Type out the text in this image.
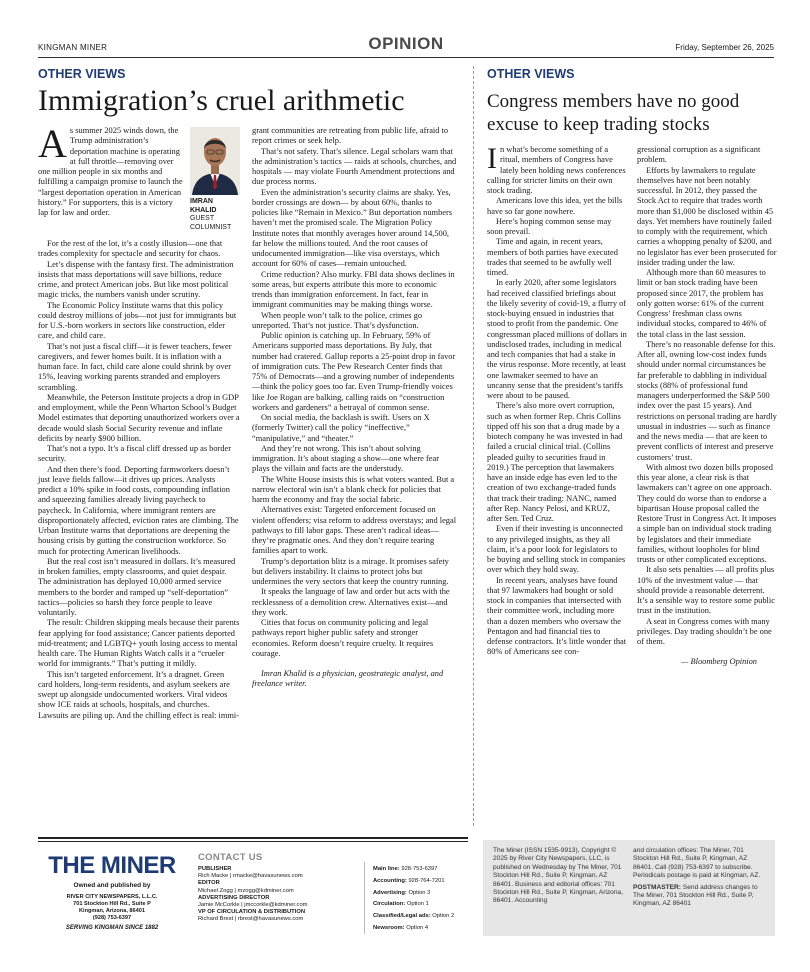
KINGMAN MINER	OPINION	Friday, September 26, 2025
OTHER VIEWS
Immigration’s cruel arithmetic
A s summer 2025 winds down, the Trump administration’s deportation machine is operating at full throttle—removing over one million people in six months and fulfilling a campaign promise to launch the “largest deportation operation in American history.” For supporters, this is a victory lap for law and order.

IMRAN KHALID
GUEST COLUMNIST

For the rest of the lot, it’s a costly illusion—one that trades complexity for spectacle and security for chaos.

Let’s dispense with the fantasy first. The administration insists that mass deportations will save billions, reduce crime, and protect American jobs. But like most political magic tricks, the numbers vanish under scrutiny.

The Economic Policy Institute warns that this policy could destroy millions of jobs—not just for immigrants but for U.S.-born workers in sectors like construction, elder care, and child care.

That’s not just a fiscal cliff—it is fewer teachers, fewer caregivers, and fewer homes built. It is inflation with a human face. In fact, child care alone could shrink by over 15%, leaving working parents stranded and employers scrambling.

Meanwhile, the Peterson Institute projects a drop in GDP and employment, while the Penn Wharton School’s Budget Model estimates that deporting unauthorized workers over a decade would slash Social Security revenue and inflate deficits by nearly $900 billion.

That’s not a typo. It’s a fiscal cliff dressed up as border security.

And then there’s food. Deporting farmworkers doesn’t just leave fields fallow—it drives up prices. Analysts predict a 10% spike in food costs, compounding inflation and squeezing families already living paycheck to paycheck. In California, where immigrant renters are disproportionately affected, eviction rates are climbing. The Urban Institute warns that deportations are deepening the housing crisis by gutting the construction workforce. So much for protecting American livelihoods.

But the real cost isn’t measured in dollars. It’s measured in broken families, empty classrooms, and quiet despair. The administration has deployed 10,000 armed service members to the border and ramped up “self-deportation” tactics—policies so harsh they force people to leave voluntarily.

The result: Children skipping meals because their parents fear applying for food assistance; Cancer patients deported mid-treatment; and LGBTQ+ youth losing access to mental health care. The Human Rights Watch calls it a “crueler world for immigrants.” That’s putting it mildly.

This isn’t targeted enforcement. It’s a dragnet. Green card holders, long-term residents, and asylum seekers are swept up alongside undocumented workers. Viral videos show ICE raids at schools, hospitals, and churches. Lawsuits are piling up. And the chilling effect is real: immi-

grant communities are retreating from public life, afraid to report crimes or seek help.

That’s not safety. That’s silence. Legal scholars warn that the administration’s tactics — raids at schools, churches, and hospitals — may violate Fourth Amendment protections and due process norms.

Even the administration’s security claims are shaky. Yes, border crossings are down— by about 60%, thanks to policies like “Remain in Mexico.” But deportation numbers haven’t met the promised scale. The Migration Policy Institute notes that monthly averages hover around 14,500, far below the millions touted. And the root causes of undocumented immigration—like visa overstays, which account for 60% of cases—remain untouched.

Crime reduction? Also murky. FBI data shows declines in some areas, but experts attribute this more to economic trends than immigration enforcement. In fact, fear in immigrant communities may be making things worse.

When people won’t talk to the police, crimes go unreported. That’s not justice. That’s dysfunction.

Public opinion is catching up. In February, 59% of Americans supported mass deportations. By July, that number had cratered. Gallup reports a 25-point drop in favor of immigration cuts. The Pew Research Center finds that 75% of Democrats—and a growing number of independents—think the policy goes too far. Even Trump-friendly voices like Joe Rogan are balking, calling raids on “construction workers and gardeners” a betrayal of common sense.

On social media, the backlash is swift. Users on X (formerly Twitter) call the policy “ineffective,” “manipulative,” and “theater.”

And they’re not wrong. This isn’t about solving immigration. It’s about staging a show—one where fear plays the villain and facts are the understudy.

The White House insists this is what voters wanted. But a narrow electoral win isn’t a blank check for policies that harm the economy and fray the social fabric.

Alternatives exist: Targeted enforcement focused on violent offenders; visa reform to address overstays; and legal pathways to fill labor gaps. These aren’t radical ideas—they’re pragmatic ones. And they don’t require tearing families apart to work.

Trump’s deportation blitz is a mirage. It promises safety but delivers instability. It claims to protect jobs but undermines the very sectors that keep the country running.

It speaks the language of law and order but acts with the recklessness of a demolition crew. Alternatives exist—and they work.

Cities that focus on community policing and legal pathways report higher public safety and stronger economies. Reform doesn’t require cruelty. It requires courage.

Imran Khalid is a physician, geostrategic analyst, and freelance writer.

OTHER VIEWS
Congress members have no good excuse to keep trading stocks
I n what’s become something of a ritual, members of Congress have lately been holding news conferences calling for stricter limits on their own stock trading.

Americans love this idea, yet the bills have so far gone nowhere.

Here’s hoping common sense may soon prevail.

Time and again, in recent years, members of both parties have executed trades that seemed to be awfully well timed.

In early 2020, after some legislators had received classified briefings about the likely severity of covid-19, a flurry of stock-buying ensued in industries that stood to profit from the pandemic. One congressman placed millions of dollars in undisclosed trades, including in medical and tech companies that had a stake in the virus response. More recently, at least one lawmaker seemed to have an uncanny sense that the president’s tariffs were about to be paused.

There’s also more overt corruption, such as when former Rep. Chris Collins tipped off his son that a drug made by a biotech company he was invested in had failed a crucial clinical trial. (Collins pleaded guilty to securities fraud in 2019.) The perception that lawmakers have an inside edge has even led to the creation of two exchange-traded funds that track their trading: NANC, named after Rep. Nancy Pelosi, and KRUZ, after Sen. Ted Cruz.

Even if their investing is unconnected to any privileged insights, as they all claim, it’s a poor look for legislators to be buying and selling stock in companies over which they hold sway.

In recent years, analyses have found that 97 lawmakers had bought or sold stock in companies that intersected with their committee work, including more than a dozen members who oversaw the Pentagon and had financial ties to defense contractors. It’s little wonder that 80% of Americans see con-

gressional corruption as a significant problem.

Efforts by lawmakers to regulate themselves have not been notably successful. In 2012, they passed the Stock Act to require that trades worth more than $1,000 be disclosed within 45 days. Yet members have routinely failed to comply with the requirement, which carries a whopping penalty of $200, and no legislator has ever been prosecuted for insider trading under the law.

Although more than 60 measures to limit or ban stock trading have been proposed since 2017, the problem has only gotten worse: 61% of the current Congress’ freshman class owns individual stocks, compared to 46% of the total class in the last session.

There’s no reasonable defense for this. After all, owning low-cost index funds should under normal circumstances be far preferable to dabbling in individual stocks (88% of professional fund managers underperformed the S&P 500 index over the past 15 years). And restrictions on personal trading are hardly unusual in industries — such as finance and the news media — that are keen to prevent conflicts of interest and preserve customers’ trust.

With almost two dozen bills proposed this year alone, a clear risk is that lawmakers can’t agree on one approach. They could do worse than to endorse a bipartisan House proposal called the Restore Trust in Congress Act. It imposes a simple ban on individual stock trading by legislators and their immediate families, without loopholes for blind trusts or other complicated exceptions.

It also sets penalties — all profits plus 10% of the investment value — that should provide a reasonable deterrent. It’s a sensible way to restore some public trust in the institution.

A seat in Congress comes with many privileges. Day trading shouldn’t be one of them.

— Bloomberg Opinion

THE MINER
Owned and published by
RIVER CITY NEWSPAPERS, L.L.C.
701 Stockton Hill Rd., Suite P
Kingman, Arizona, 86401
(928) 753-6397
SERVING KINGMAN SINCE 1882
CONTACT US
PUBLISHER
Rich Macke | rmacke@havasunews.com
EDITOR
Michael Zogg | mzogg@kdminer.com
ADVERTISING DIRECTOR
Jamie McCorkle | jmccorkle@kdminer.com
VP OF CIRCULATION & DISTRIBUTION
Richard Brest | rbrest@havasunews.com
Main line: 928-753-6397
Accounting: 928-764-7201
Advertising: Option 3
Circulation: Option 1
Classified/Legal ads: Option 2
Newsroom: Option 4
The Miner (ISSN 1535-9913), Copyright © 2025 by River City Newspapers, LLC, is published on Wednesday by The Miner, 701 Stockton Hill Rd., Suite P, Kingman, AZ 86401. Business and editorial offices: 701 Stockton Hill Rd., Suite P, Kingman, Arizona, 86401. Accounting
and circulation offices: The Miner, 701 Stockton Hill Rd., Suite P, Kingman, AZ 86401. Call (928) 753-6397 to subscribe. Periodicals postage is paid at Kingman, AZ.
POSTMASTER: Send address changes to The Miner, 701 Stockton Hill Rd., Suite P, Kingman, AZ 86401
